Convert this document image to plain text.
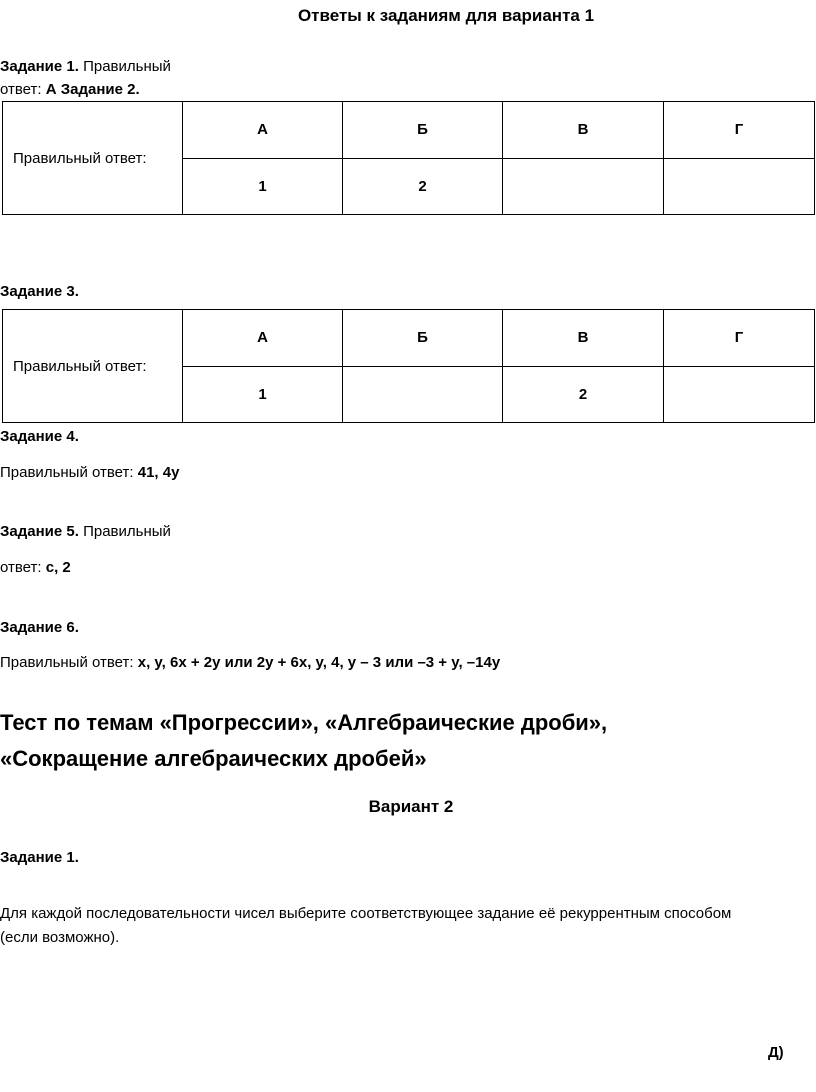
Ответы к заданиям для варианта 1
Задание 1. Правильный
ответ: А Задание 2.
Правильный ответ:	А	Б	В	Г
	1	2		
Задание 3.
Правильный ответ:	А	Б	В	Г
	1		2	
Задание 4.
Правильный ответ: 41, 4y
Задание 5. Правильный
ответ: c, 2
Задание 6.
Правильный ответ: x, y, 6x + 2y или 2y + 6x, y, 4, y – 3 или –3 + y, –14y
Тест по темам «Прогрессии», «Алгебраические дроби»,
«Сокращение алгебраических дробей»
Вариант 2
Задание 1.
Для каждой последовательности чисел выберите соответствующее задание её рекуррентным способом
(если возможно).
Д)
